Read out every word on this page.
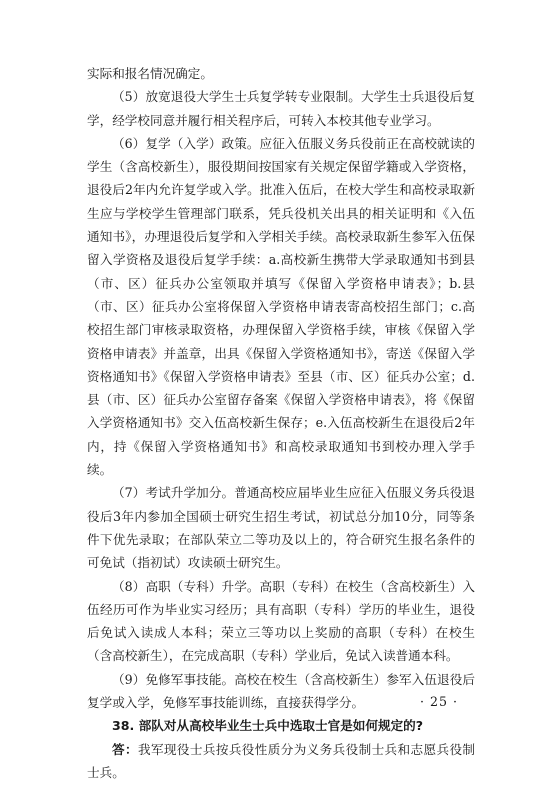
实际和报名情况确定。

（5）放宽退役大学生士兵复学转专业限制。大学生士兵退役后复学，经学校同意并履行相关程序后，可转入本校其他专业学习。

（6）复学（入学）政策。应征入伍服义务兵役前正在高校就读的学生（含高校新生），服役期间按国家有关规定保留学籍或入学资格，退役后2年内允许复学或入学。批准入伍后，在校大学生和高校录取新生应与学校学生管理部门联系，凭兵役机关出具的相关证明和《入伍通知书》，办理退役后复学和入学相关手续。高校录取新生参军入伍保留入学资格及退役后复学手续：a.高校新生携带大学录取通知书到县（市、区）征兵办公室领取并填写《保留入学资格申请表》；b.县（市、区）征兵办公室将保留入学资格申请表寄高校招生部门；c.高校招生部门审核录取资格，办理保留入学资格手续，审核《保留入学资格申请表》并盖章，出具《保留入学资格通知书》，寄送《保留入学资格通知书》《保留入学资格申请表》至县（市、区）征兵办公室；d.县（市、区）征兵办公室留存备案《保留入学资格申请表》，将《保留入学资格通知书》交入伍高校新生保存；e.入伍高校新生在退役后2年内，持《保留入学资格通知书》和高校录取通知书到校办理入学手续。

（7）考试升学加分。普通高校应届毕业生应征入伍服义务兵役退役后3年内参加全国硕士研究生招生考试，初试总分加10分，同等条件下优先录取；在部队荣立二等功及以上的，符合研究生报名条件的可免试（指初试）攻读硕士研究生。

（8）高职（专科）升学。高职（专科）在校生（含高校新生）入伍经历可作为毕业实习经历；具有高职（专科）学历的毕业生，退役后免试入读成人本科；荣立三等功以上奖励的高职（专科）在校生（含高校新生），在完成高职（专科）学业后，免试入读普通本科。

（9）免修军事技能。高校在校生（含高校新生）参军入伍退役后复学或入学，免修军事技能训练，直接获得学分。

38. 部队对从高校毕业生士兵中选取士官是如何规定的?

答：我军现役士兵按兵役性质分为义务兵役制士兵和志愿兵役制士兵。

· 25 ·
